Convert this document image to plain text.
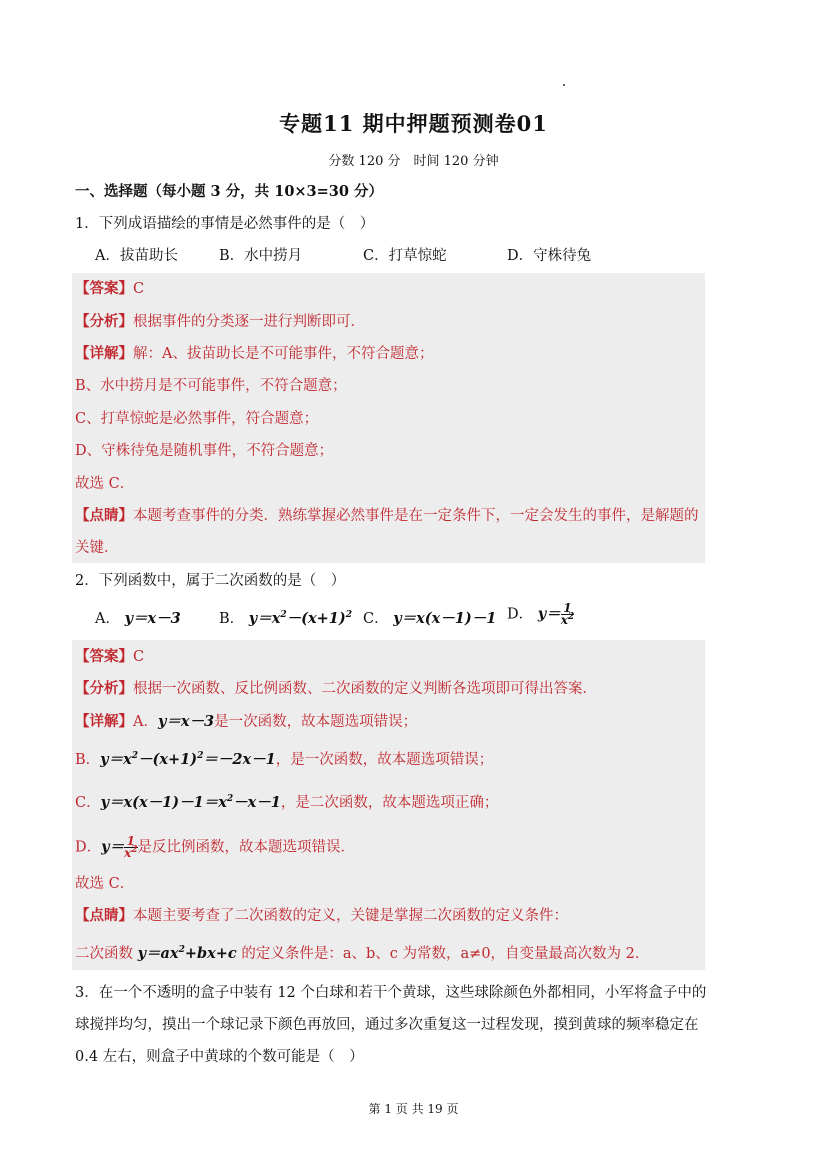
专题11 期中押题预测卷01
分数 120 分　时间 120 分钟
一、选择题（每小题 3 分，共 10×3=30 分）
1．下列成语描绘的事情是必然事件的是（　）
A．拔苗助长	B．水中捞月	C．打草惊蛇	D．守株待兔
【答案】C
【分析】根据事件的分类逐一进行判断即可．
【详解】解：A、拔苗助长是不可能事件，不符合题意；
B、水中捞月是不可能事件，不符合题意；
C、打草惊蛇是必然事件，符合题意；
D、守株待兔是随机事件，不符合题意；
故选 C．
【点睛】本题考查事件的分类．熟练掌握必然事件是在一定条件下，一定会发生的事件，是解题的
关键．
2．下列函数中，属于二次函数的是（　）
A． y＝x－3	B． $y=x^2-(x+1)^2$ C． y＝x(x－1)－1 D． $y= \frac{1}{x^2}$
【答案】C
【分析】根据一次函数、反比例函数、二次函数的定义判断各选项即可得出答案．
【详解】A．y＝x－3是一次函数，故本题选项错误；
B．$y=x^2-(x+1)^2=-2x-1$，是一次函数，故本题选项错误；
C．$y=x(x-1)-1=x^2-x-1$，是二次函数，故本题选项正确；
D．$y= \frac{1}{x^2}$ 是反比例函数，故本题选项错误．
故选 C．
【点睛】本题主要考查了二次函数的定义，关键是掌握二次函数的定义条件：
二次函数 $y=ax^2+bx+c$ 的定义条件是：a、b、c 为常数，a≠0，自变量最高次数为 2．
3．在一个不透明的盒子中装有 12 个白球和若干个黄球，这些球除颜色外都相同，小军将盒子中的
球搅拌均匀，摸出一个球记录下颜色再放回，通过多次重复这一过程发现，摸到黄球的频率稳定在
0.4 左右，则盒子中黄球的个数可能是（　）
第 1 页 共 19 页
